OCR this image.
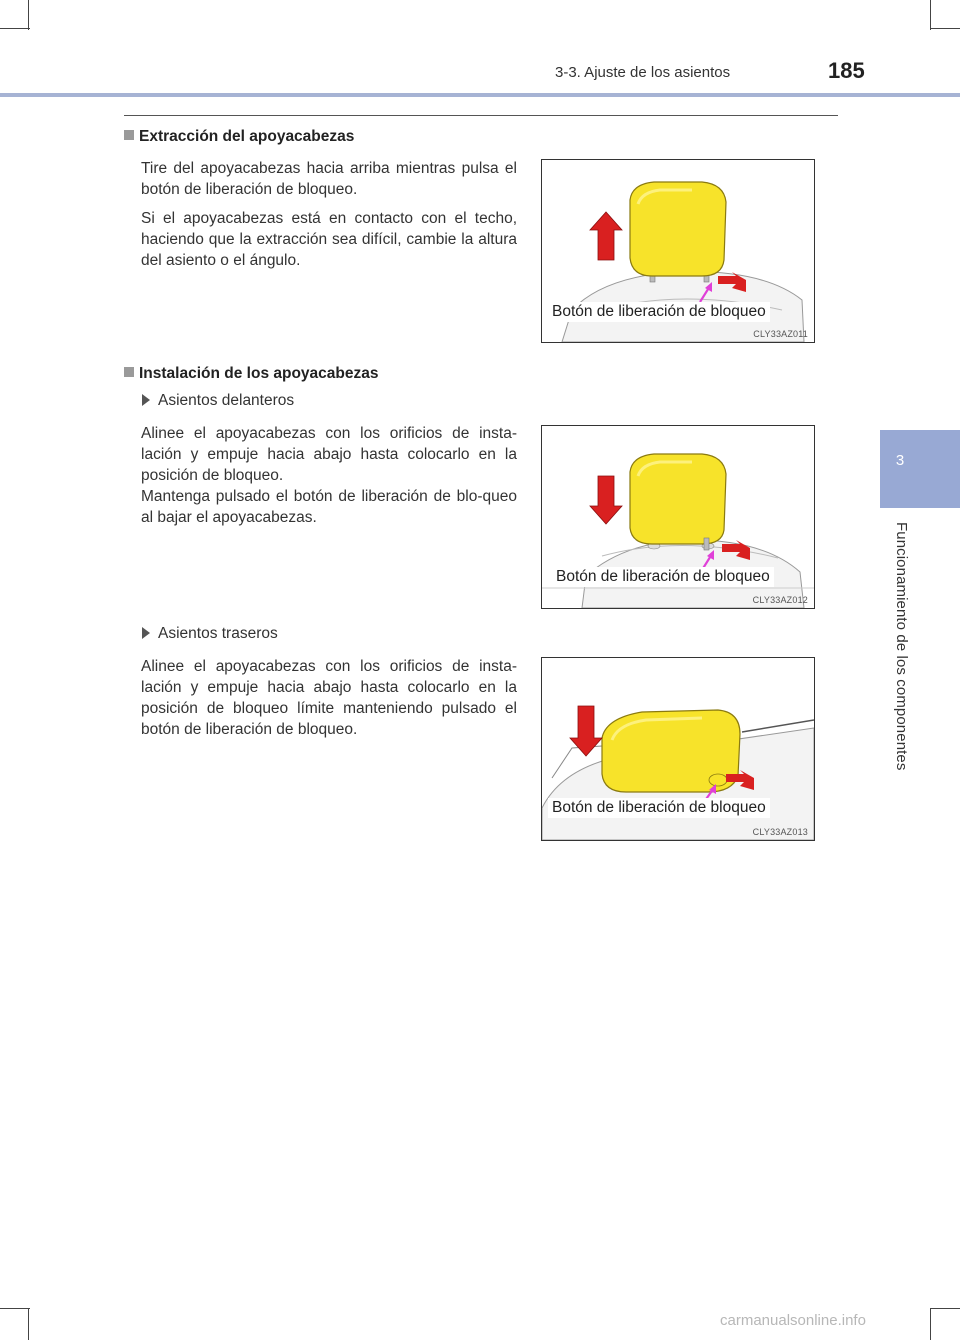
3-3. Ajuste de los asientos	185
3
Funcionamiento de los componentes
Extracción del apoyacabezas

Tire del apoyacabezas hacia arriba mientras pulsa el botón de liberación de bloqueo.

Si el apoyacabezas está en contacto con el techo, haciendo que la extracción sea difícil, cambie la altura del asiento o el ángulo.

Botón de liberación de bloqueo
CLY33AZ011
Instalación de los apoyacabezas
Asientos delanteros

Alinee el apoyacabezas con los orificios de insta-lación y empuje hacia abajo hasta colocarlo en la posición de bloqueo.

Mantenga pulsado el botón de liberación de blo-queo al bajar el apoyacabezas.

Botón de liberación de bloqueo
CLY33AZ012
Asientos traseros

Alinee el apoyacabezas con los orificios de insta-lación y empuje hacia abajo hasta colocarlo en la posición de bloqueo límite manteniendo pulsado el botón de liberación de bloqueo.

Botón de liberación de bloqueo
CLY33AZ013
carmanualsonline.info
